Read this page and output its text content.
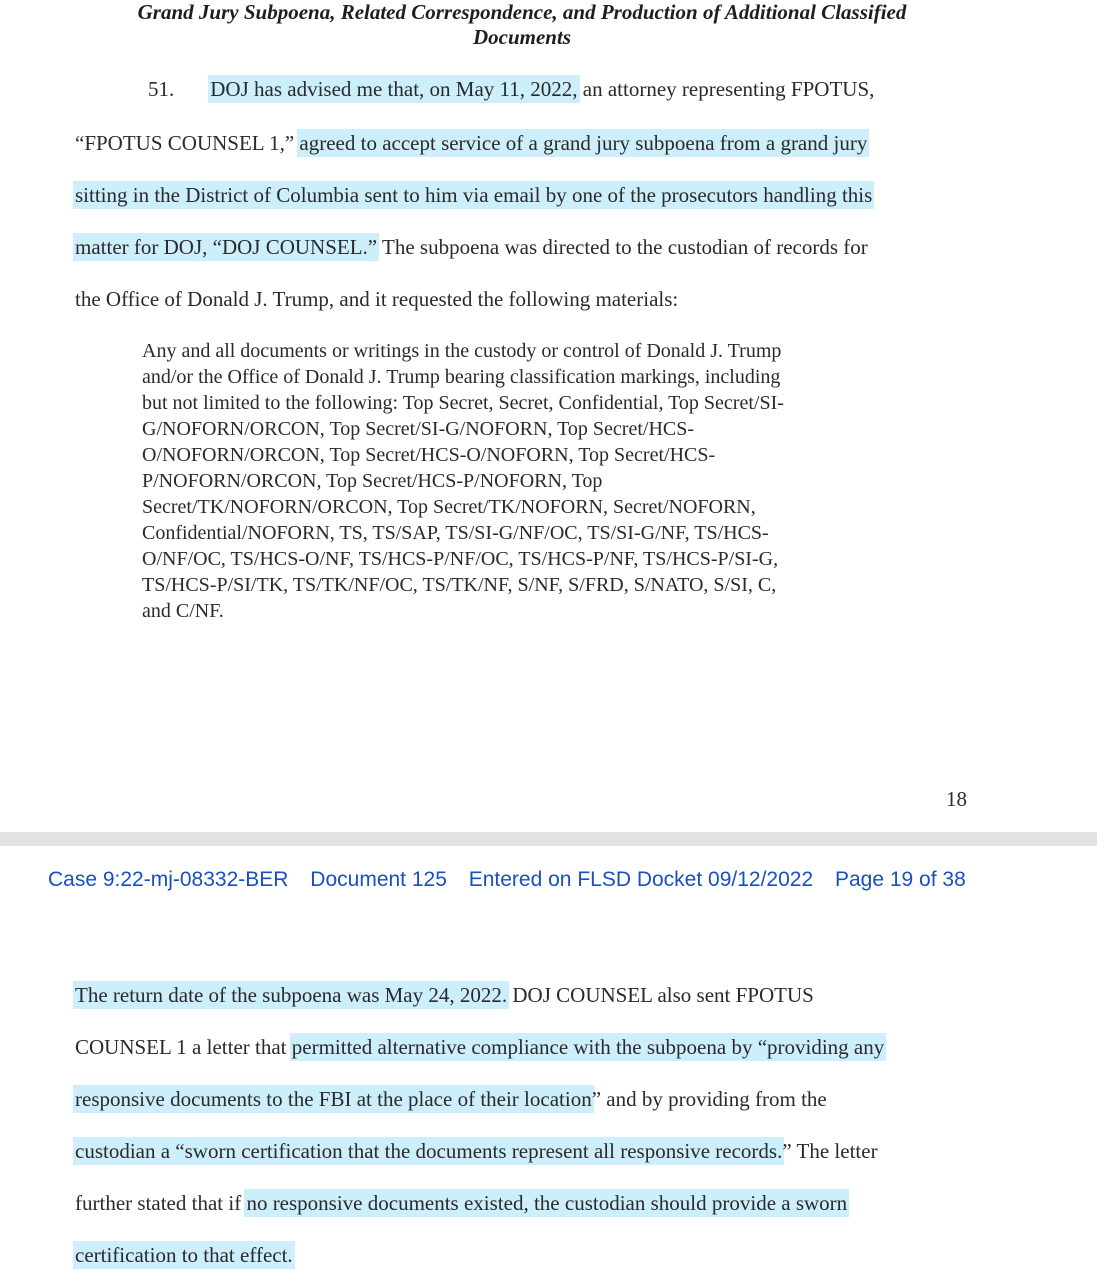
Grand Jury Subpoena, Related Correspondence, and Production of Additional Classified
Documents
51. DOJ has advised me that, on May 11, 2022, an attorney representing FPOTUS,
“FPOTUS COUNSEL 1,” agreed to accept service of a grand jury subpoena from a grand jury
sitting in the District of Columbia sent to him via email by one of the prosecutors handling this
matter for DOJ, “DOJ COUNSEL.” The subpoena was directed to the custodian of records for
the Office of Donald J. Trump, and it requested the following materials:
Any and all documents or writings in the custody or control of Donald J. Trump
and/or the Office of Donald J. Trump bearing classification markings, including
but not limited to the following: Top Secret, Secret, Confidential, Top Secret/SI-
G/NOFORN/ORCON, Top Secret/SI-G/NOFORN, Top Secret/HCS-
O/NOFORN/ORCON, Top Secret/HCS-O/NOFORN, Top Secret/HCS-
P/NOFORN/ORCON, Top Secret/HCS-P/NOFORN, Top
Secret/TK/NOFORN/ORCON, Top Secret/TK/NOFORN, Secret/NOFORN,
Confidential/NOFORN, TS, TS/SAP, TS/SI-G/NF/OC, TS/SI-G/NF, TS/HCS-
O/NF/OC, TS/HCS-O/NF, TS/HCS-P/NF/OC, TS/HCS-P/NF, TS/HCS-P/SI-G,
TS/HCS-P/SI/TK, TS/TK/NF/OC, TS/TK/NF, S/NF, S/FRD, S/NATO, S/SI, C,
and C/NF.
18
Case 9:22-mj-08332-BER Document 125 Entered on FLSD Docket 09/12/2022 Page 19 of 38
The return date of the subpoena was May 24, 2022. DOJ COUNSEL also sent FPOTUS
COUNSEL 1 a letter that permitted alternative compliance with the subpoena by “providing any
responsive documents to the FBI at the place of their location” and by providing from the
custodian a “sworn certification that the documents represent all responsive records.” The letter
further stated that if no responsive documents existed, the custodian should provide a sworn
certification to that effect.
